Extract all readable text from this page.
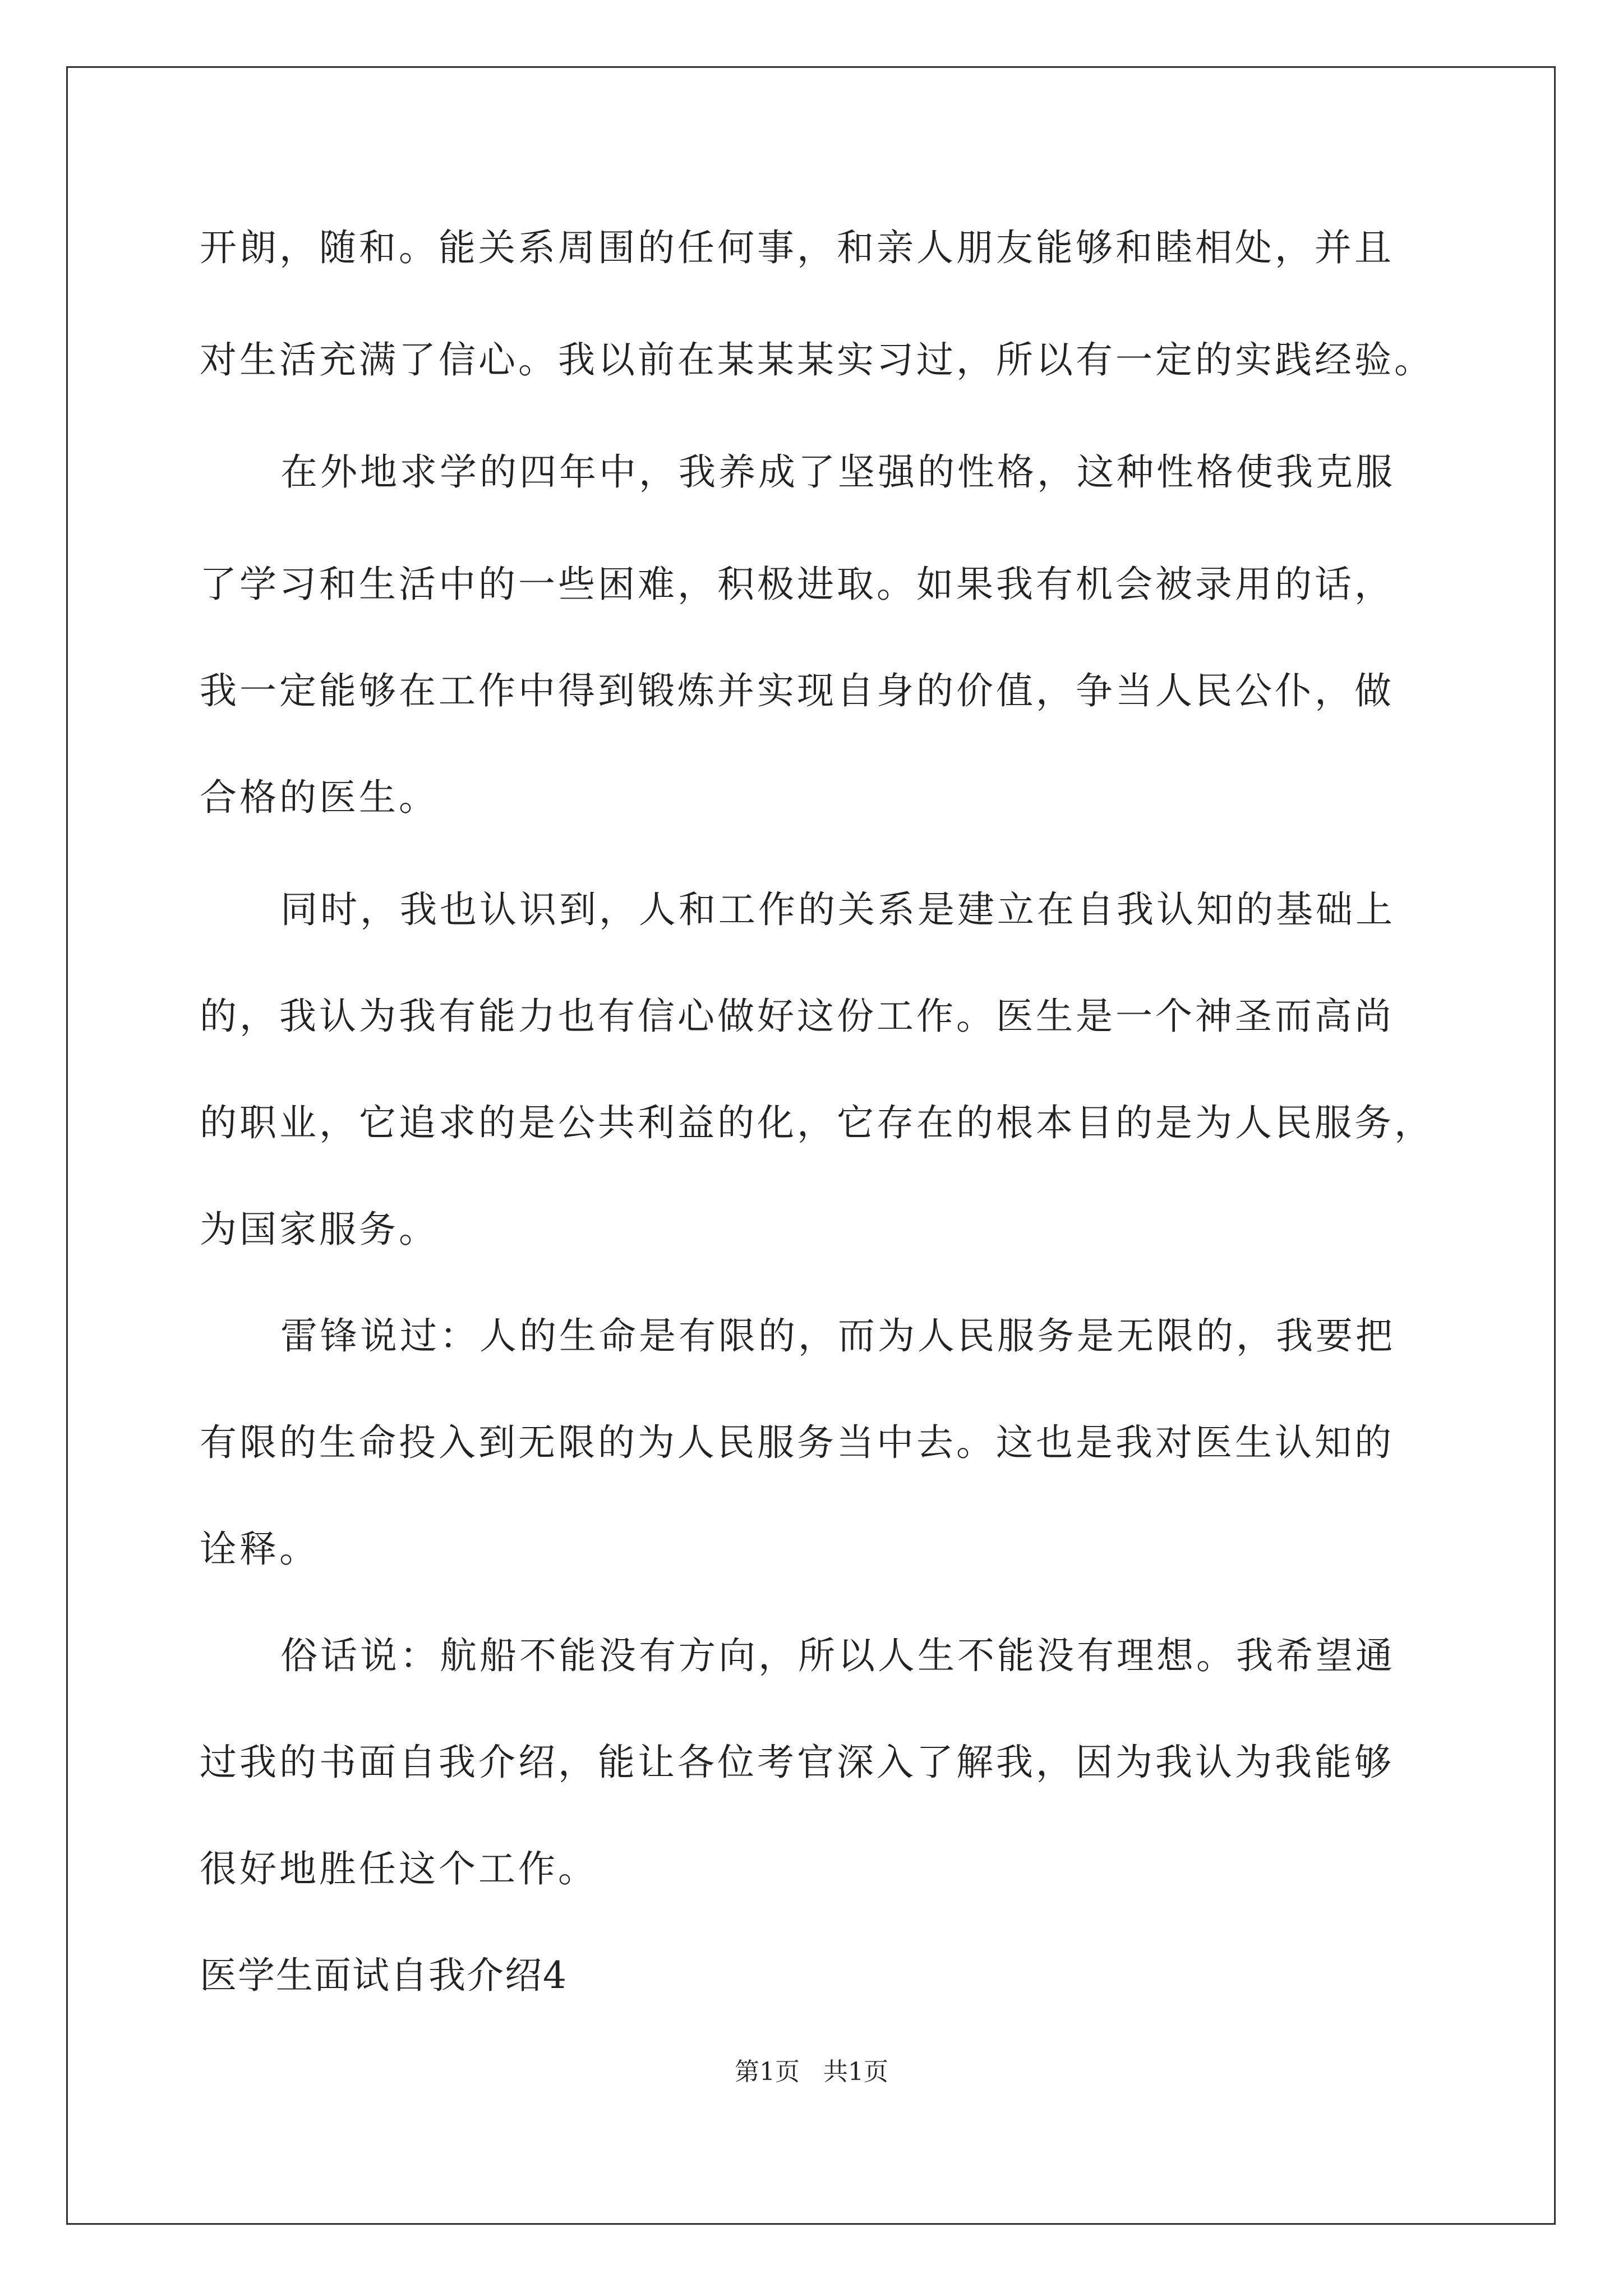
开朗，随和。能关系周围的任何事，和亲人朋友能够和睦相处，并且
对生活充满了信心。我以前在某某某实习过，所以有一定的实践经验。
在外地求学的四年中，我养成了坚强的性格，这种性格使我克服
了学习和生活中的一些困难，积极进取。如果我有机会被录用的话，
我一定能够在工作中得到锻炼并实现自身的价值，争当人民公仆，做
合格的医生。
同时，我也认识到，人和工作的关系是建立在自我认知的基础上
的，我认为我有能力也有信心做好这份工作。医生是一个神圣而高尚
的职业，它追求的是公共利益的化，它存在的根本目的是为人民服务，
为国家服务。
雷锋说过：人的生命是有限的，而为人民服务是无限的，我要把
有限的生命投入到无限的为人民服务当中去。这也是我对医生认知的
诠释。
俗话说：航船不能没有方向，所以人生不能没有理想。我希望通
过我的书面自我介绍，能让各位考官深入了解我，因为我认为我能够
很好地胜任这个工作。
医学生面试自我介绍4
第1页   共1页
